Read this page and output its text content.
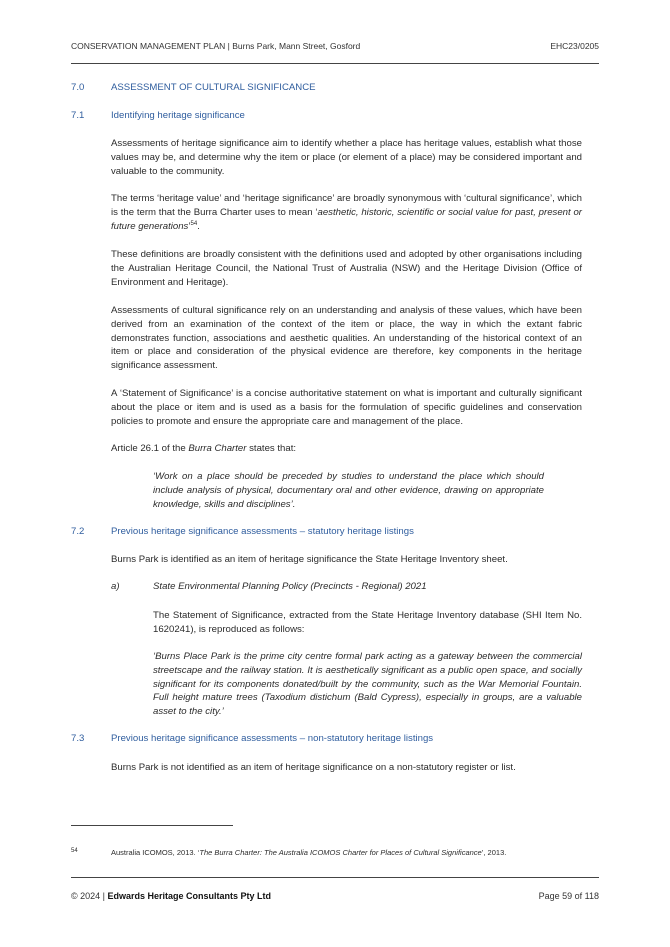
CONSERVATION MANAGEMENT PLAN | Burns Park, Mann Street, Gosford	EHC23/0205
7.0	ASSESSMENT OF CULTURAL SIGNIFICANCE
7.1	Identifying heritage significance

Assessments of heritage significance aim to identify whether a place has heritage values, establish what those values may be, and determine why the item or place (or element of a place) may be considered important and valuable to the community.

The terms ‘heritage value’ and ‘heritage significance’ are broadly synonymous with ‘cultural significance’, which is the term that the Burra Charter uses to mean ‘aesthetic, historic, scientific or social value for past, present or future generations’$^{54}$.

These definitions are broadly consistent with the definitions used and adopted by other organisations including the Australian Heritage Council, the National Trust of Australia (NSW) and the Heritage Division (Office of Environment and Heritage).

Assessments of cultural significance rely on an understanding and analysis of these values, which have been derived from an examination of the context of the item or place, the way in which the extant fabric demonstrates function, associations and aesthetic qualities. An understanding of the historical context of an item or place and consideration of the physical evidence are therefore, key components in the heritage significance assessment.

A ‘Statement of Significance’ is a concise authoritative statement on what is important and culturally significant about the place or item and is used as a basis for the formulation of specific guidelines and conservation policies to promote and ensure the appropriate care and management of the place.

Article 26.1 of the Burra Charter states that:

‘Work on a place should be preceded by studies to understand the place which should include analysis of physical, documentary oral and other evidence, drawing on appropriate knowledge, skills and disciplines’.

7.2	Previous heritage significance assessments – statutory heritage listings

Burns Park is identified as an item of heritage significance the State Heritage Inventory sheet.

a)	State Environmental Planning Policy (Precincts - Regional) 2021

The Statement of Significance, extracted from the State Heritage Inventory database (SHI Item No. 1620241), is reproduced as follows:

‘Burns Place Park is the prime city centre formal park acting as a gateway between the commercial streetscape and the railway station. It is aesthetically significant as a public open space, and socially significant for its components donated/built by the community, such as the War Memorial Fountain. Full height mature trees (Taxodium distichum (Bald Cypress), especially in groups, are a valuable asset to the city.’

7.3	Previous heritage significance assessments – non-statutory heritage listings

Burns Park is not identified as an item of heritage significance on a non-statutory register or list.

54	Australia ICOMOS, 2013. ‘The Burra Charter: The Australia ICOMOS Charter for Places of Cultural Significance’, 2013.
© 2024 | Edwards Heritage Consultants Pty Ltd	Page 59 of 118
